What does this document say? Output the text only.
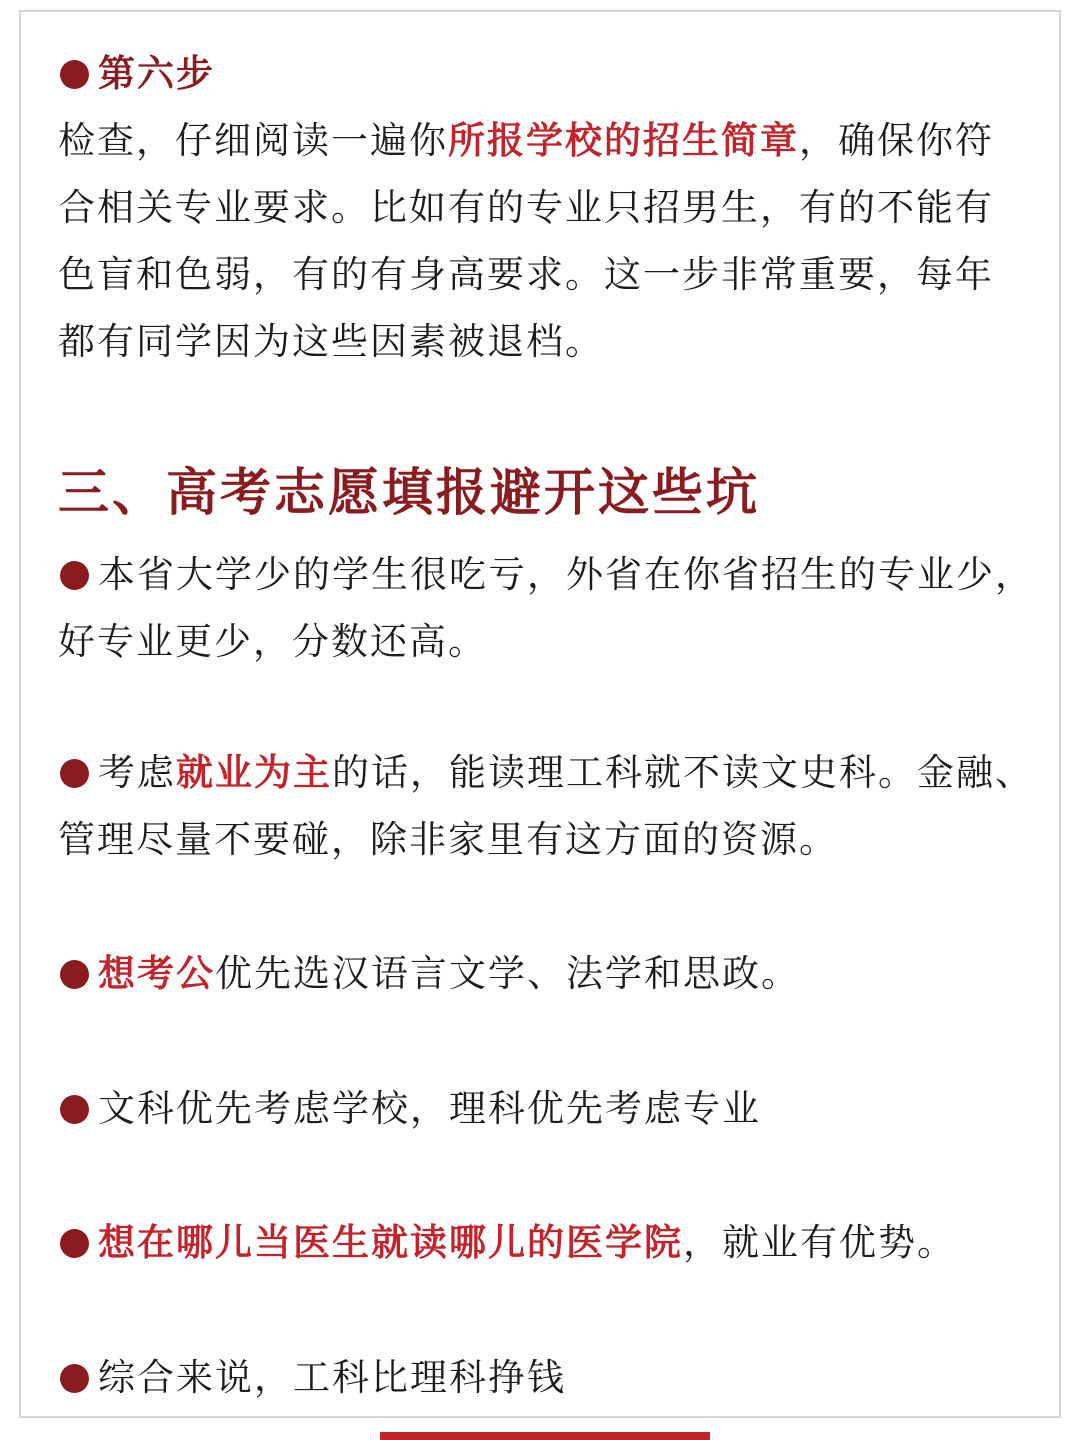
第六步
检查，仔细阅读一遍你所报学校的招生简章，确保你符
合相关专业要求。比如有的专业只招男生，有的不能有
色盲和色弱，有的有身高要求。这一步非常重要，每年
都有同学因为这些因素被退档。
三、高考志愿填报避开这些坑
本省大学少的学生很吃亏，外省在你省招生的专业少，
好专业更少，分数还高。
考虑就业为主的话，能读理工科就不读文史科。金融、
管理尽量不要碰，除非家里有这方面的资源。
想考公优先选汉语言文学、法学和思政。
文科优先考虑学校，理科优先考虑专业
想在哪儿当医生就读哪儿的医学院，就业有优势。
综合来说，工科比理科挣钱
